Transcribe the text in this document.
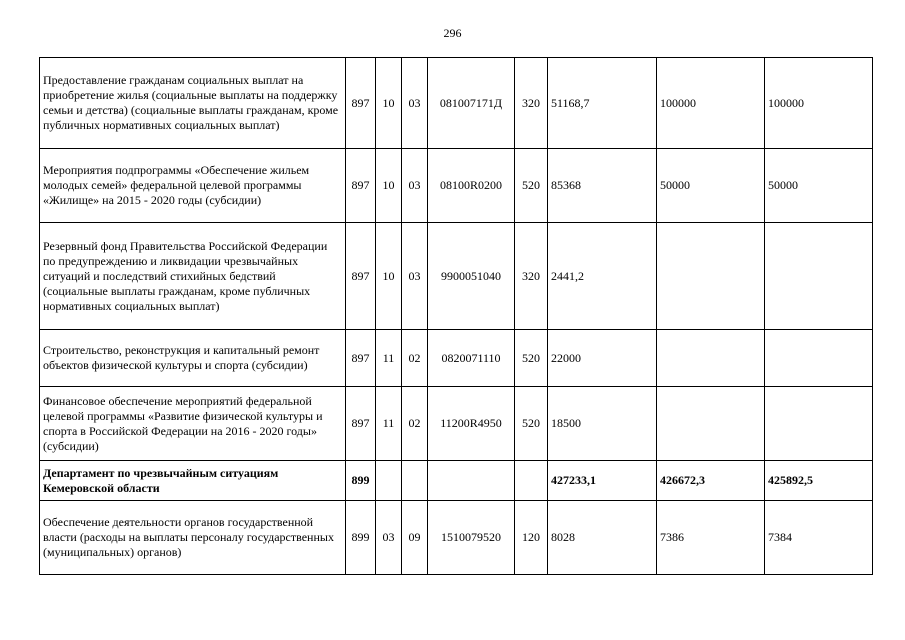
296
Предоставление гражданам социальных выплат на приобретение жилья (социальные выплаты на поддержку семьи и детства) (социальные выплаты гражданам, кроме публичных нормативных социальных выплат)	897	10	03	081007171Д	320	51168,7	100000	100000
Мероприятия подпрограммы «Обеспечение жильем молодых семей» федеральной целевой программы «Жилище» на 2015 - 2020 годы (субсидии)	897	10	03	08100R0200	520	85368	50000	50000
Резервный фонд Правительства Российской Федерации по предупреждению и ликвидации чрезвычайных ситуаций и последствий стихийных бедствий (социальные выплаты гражданам, кроме публичных нормативных социальных выплат)	897	10	03	9900051040	320	2441,2		
Строительство, реконструкция и капитальный ремонт объектов физической культуры и спорта (субсидии)	897	11	02	0820071110	520	22000		
Финансовое обеспечение мероприятий федеральной целевой программы «Развитие физической культуры и спорта в Российской Федерации на 2016 - 2020 годы» (субсидии)	897	11	02	11200R4950	520	18500		
Департамент по чрезвычайным ситуациям Кемеровской области	899					427233,1	426672,3	425892,5
Обеспечение деятельности органов государственной власти (расходы на выплаты персоналу государственных (муниципальных) органов)	899	03	09	1510079520	120	8028	7386	7384
